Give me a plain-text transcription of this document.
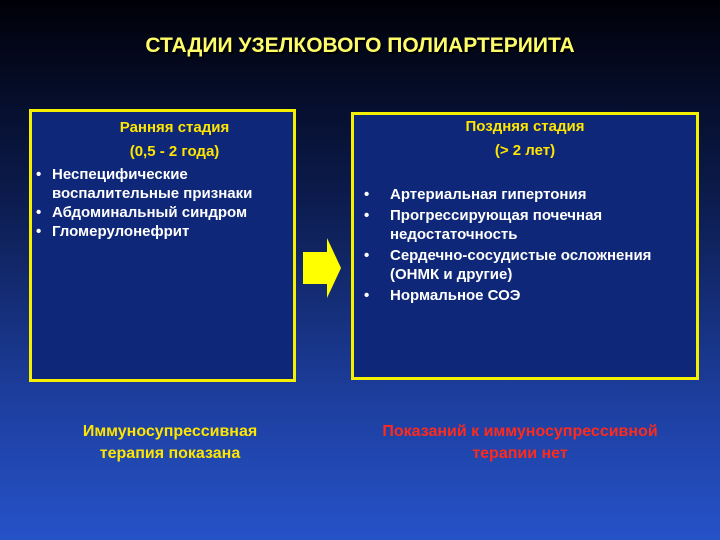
СТАДИИ УЗЕЛКОВОГО ПОЛИАРТЕРИИТА
Ранняя стадия
(0,5 - 2 года)
• Неспецифические воспалительные признаки
• Абдоминальный синдром
• Гломерулонефрит
Поздняя стадия
(> 2 лет)
• Артериальная гипертония
• Прогрессирующая почечная недостаточность
• Сердечно-сосудистые осложнения (ОНМК и другие)
• Нормальное СОЭ
Иммуносупрессивная
терапия показана
Показаний к иммуносупрессивной
терапии нет
